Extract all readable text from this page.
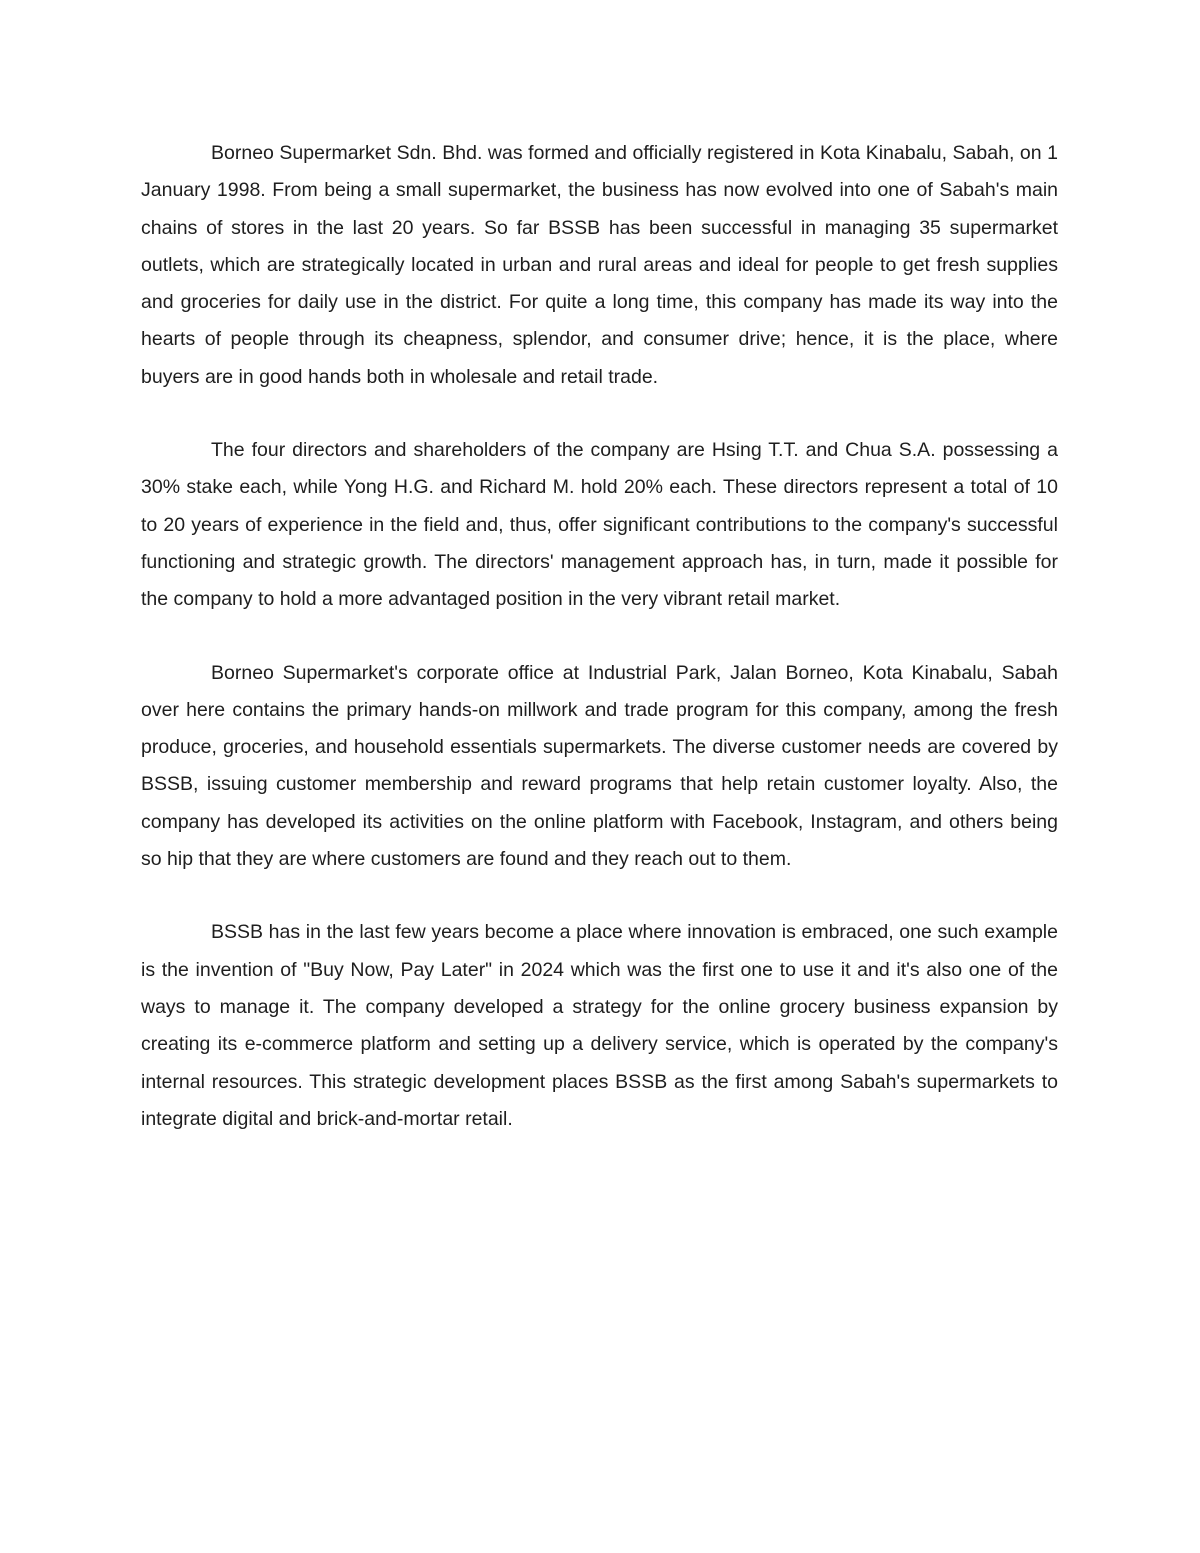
Borneo Supermarket Sdn. Bhd. was formed and officially registered in Kota Kinabalu, Sabah, on 1 January 1998. From being a small supermarket, the business has now evolved into one of Sabah's main chains of stores in the last 20 years. So far BSSB has been successful in managing 35 supermarket outlets, which are strategically located in urban and rural areas and ideal for people to get fresh supplies and groceries for daily use in the district. For quite a long time, this company has made its way into the hearts of people through its cheapness, splendor, and consumer drive; hence, it is the place, where buyers are in good hands both in wholesale and retail trade.

The four directors and shareholders of the company are Hsing T.T. and Chua S.A. possessing a 30% stake each, while Yong H.G. and Richard M. hold 20% each. These directors represent a total of 10 to 20 years of experience in the field and, thus, offer significant contributions to the company's successful functioning and strategic growth. The directors' management approach has, in turn, made it possible for the company to hold a more advantaged position in the very vibrant retail market.

Borneo Supermarket's corporate office at Industrial Park, Jalan Borneo, Kota Kinabalu, Sabah over here contains the primary hands-on millwork and trade program for this company, among the fresh produce, groceries, and household essentials supermarkets. The diverse customer needs are covered by BSSB, issuing customer membership and reward programs that help retain customer loyalty. Also, the company has developed its activities on the online platform with Facebook, Instagram, and others being so hip that they are where customers are found and they reach out to them.

BSSB has in the last few years become a place where innovation is embraced, one such example is the invention of "Buy Now, Pay Later" in 2024 which was the first one to use it and it's also one of the ways to manage it. The company developed a strategy for the online grocery business expansion by creating its e-commerce platform and setting up a delivery service, which is operated by the company's internal resources. This strategic development places BSSB as the first among Sabah's supermarkets to integrate digital and brick-and-mortar retail.
